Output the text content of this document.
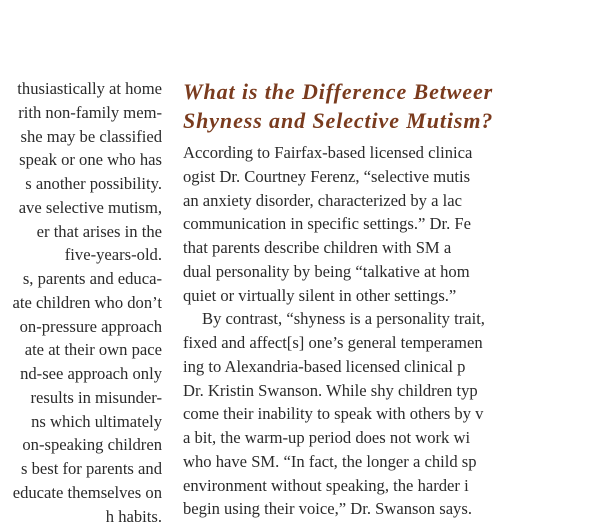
thusiastically at home
rith non-family mem-
she may be classified
speak or one who has
s another possibility.
ave selective mutism,
er that arises in the
five-years-old.
s, parents and educa-
ate children who don’t
on-pressure approach
ate at their own pace
nd-see approach only
results in misunder-
ns which ultimately
on-speaking children
s best for parents and
educate themselves on
h habits.
What is the Difference Betweer
Shyness and Selective Mutism?
According to Fairfax-based licensed clinica
ogist Dr. Courtney Ferenz, “selective mutis
an anxiety disorder, characterized by a lac
communication in specific settings.” Dr. Fe
that parents describe children with SM a
dual personality by being “talkative at hom
quiet or virtually silent in other settings.”
By contrast, “shyness is a personality trait,
fixed and affect[s] one’s general temperamen
ing to Alexandria-based licensed clinical p
Dr. Kristin Swanson. While shy children typ
come their inability to speak with others by v
a bit, the warm-up period does not work wi
who have SM. “In fact, the longer a child sp
environment without speaking, the harder i
begin using their voice,” Dr. Swanson says.
